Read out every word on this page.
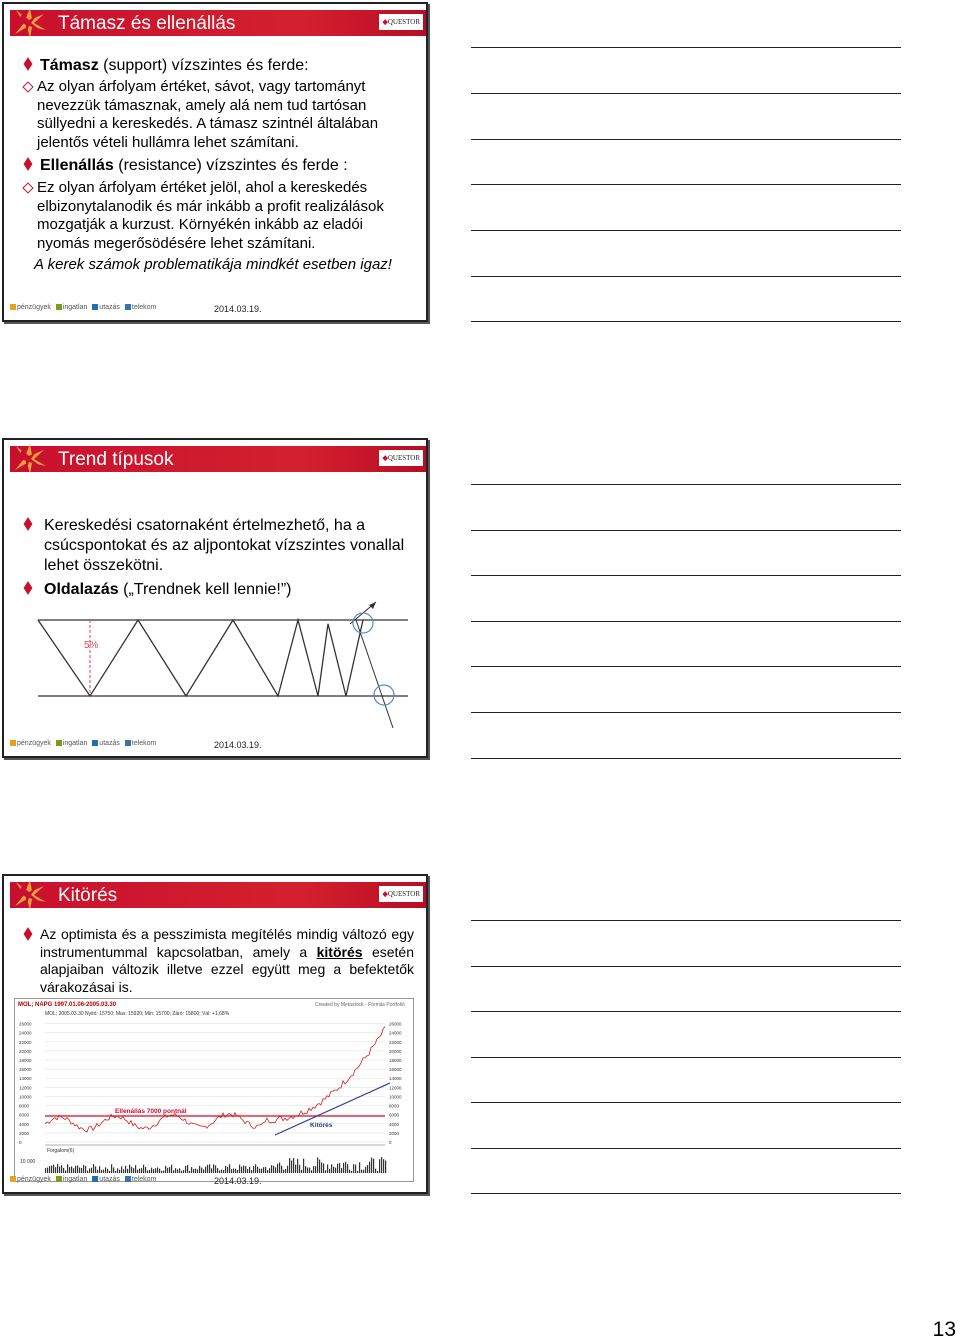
Támasz és ellenállás	◆QUESTOR
Támasz (support) vízszintes és ferde:
Az olyan árfolyam értéket, sávot, vagy tartományt nevezzük támasznak, amely alá nem tud tartósan süllyedni a kereskedés. A támasz szintnél általában jelentős vételi hullámra lehet számítani.
Ellenállás (resistance) vízszintes és ferde :
Ez olyan árfolyam értéket jelöl, ahol a kereskedés elbizonytalanodik és már inkább a profit realizálások mozgatják a kurzust. Környékén inkább az eladói nyomás megerősödésére lehet számítani.
A kerek számok problematikája mindkét esetben igaz!
pénzügyek ingatlan utazás telekom	2014.03.19.
Trend típusok	◆QUESTOR
Kereskedési csatornaként értelmezhető, ha a csúcspontokat és az aljpontokat vízszintes vonallal lehet összekötni.
Oldalazás („Trendnek kell lennie!”)
5%
pénzügyek ingatlan utazás telekom	2014.03.19.
Kitörés	◆QUESTOR
Az optimista és a pesszimista megítélés mindig változó egy instrumentummal kapcsolatban, amely a kitörés esetén alapjaiban változik illetve ezzel együtt meg a befektetők várakozásai is.
MOL; NAPG 1997.01.06-2005.03.30	Created by Metastock - Fórmás Portfolió
MOL; 2005.03.30 Nyitó: 15750; Max: 15920; Min: 15700; Záró: 15800; Vál: +1,68%
0
2000
4000
6000
8000
10000
12000
14000
16000
18000
20000
22000
24000
26000
0
2000
4000
6000
8000
10000
12000
14000
16000
18000
20000
22000
24000
26000
Ellenállás 7000 pontnál
Kitörés
Forgalom(6)
10 000
pénzügyek ingatlan utazás telekom	2014.03.19.
13
